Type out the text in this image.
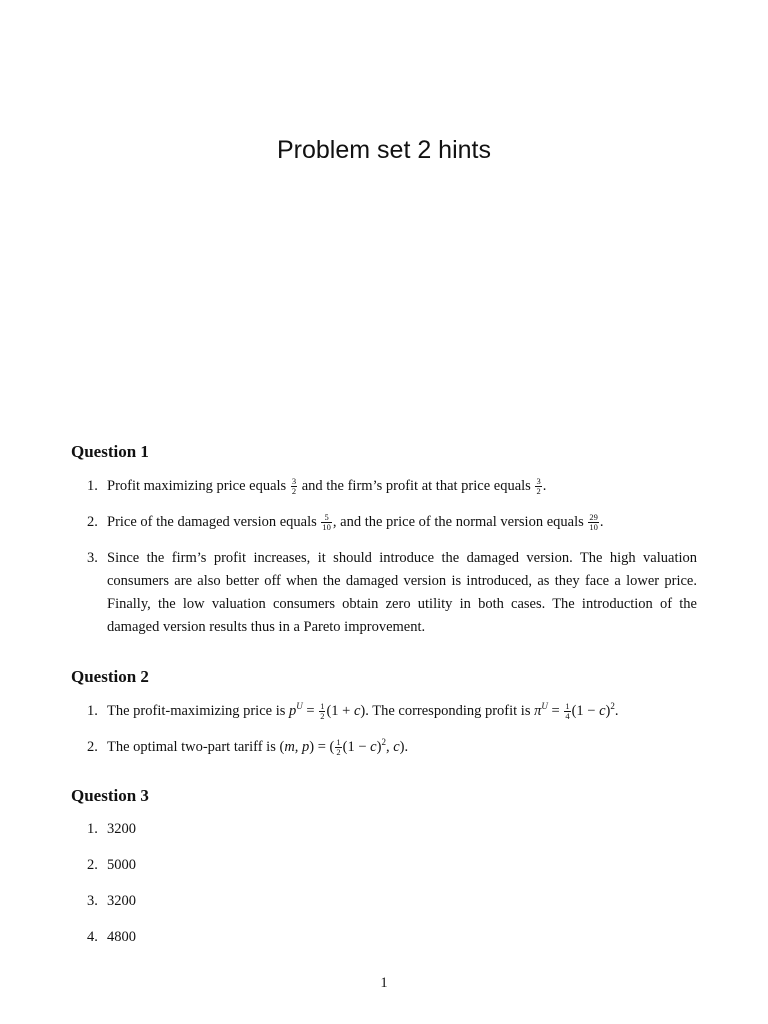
Problem set 2 hints
Question 1
1. Profit maximizing price equals $\frac{3}{2}$ and the firm’s profit at that price equals $\frac{3}{2}$ .
2. Price of the damaged version equals $\frac{5}{10}$ , and the price of the normal version equals $\frac{29}{10}$ .
3. Since the firm’s profit increases, it should introduce the damaged version. The high valuation consumers are also better off when the damaged version is introduced, as they face a lower price. Finally, the low valuation consumers obtain zero utility in both cases. The introduction of the damaged version results thus in a Pareto improvement.
Question 2
1. The profit-maximizing price is $p^U = \frac{1}{2} (1 + c)$. The corresponding profit is $\pi^U = \frac{1}{4} (1 - c)^2$.
2. The optimal two-part tariff is (m, p) = ( $\frac{1}{2} (1 - c)^2$, c).
Question 3
1. 3200
2. 5000
3. 3200
4. 4800
1
